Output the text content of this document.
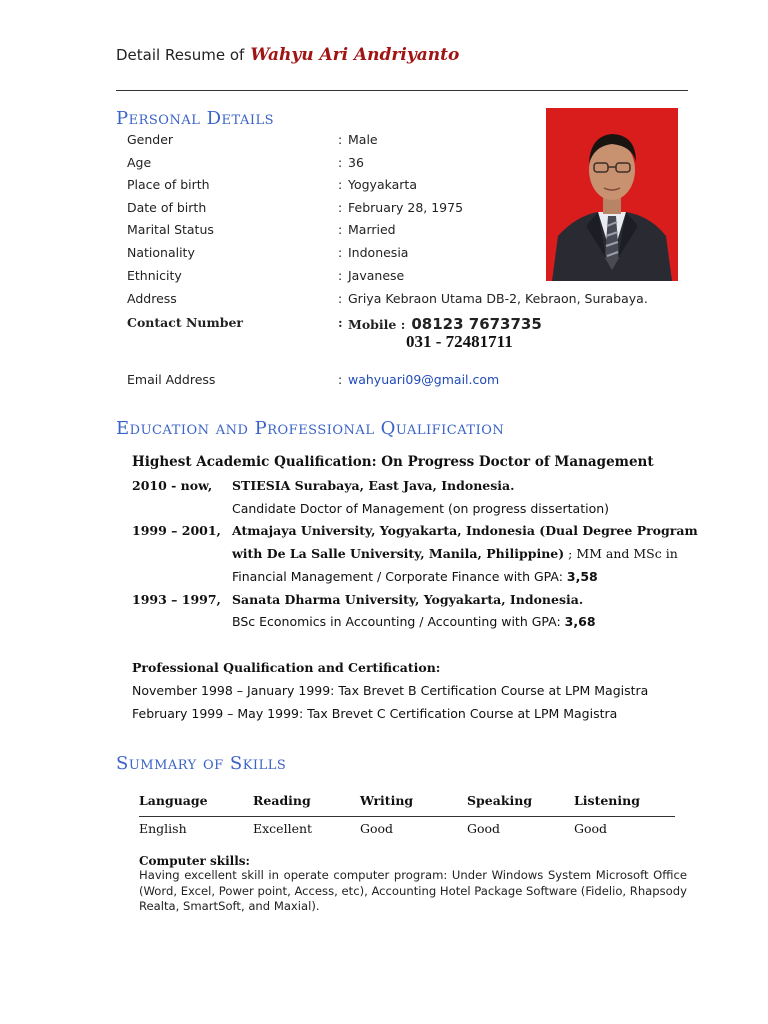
Detail Resume of Wahyu Ari Andriyanto
Personal Details
Gender	: Male
Age	: 36
Place of birth	: Yogyakarta
Date of birth	: February 28, 1975
Marital Status	: Married
Nationality	: Indonesia
Ethnicity	: Javanese
Address	: Griya Kebraon Utama DB-2, Kebraon, Surabaya.
Contact Number	: Mobile : 08123 7673735
031 - 72481711
Email Address	: wahyuari09@gmail.com
Education and Professional Qualification
Highest Academic Qualification: On Progress Doctor of Management
2010 - now, STIESIA Surabaya, East Java, Indonesia.
Candidate Doctor of Management (on progress dissertation)
1999 – 2001, Atmajaya University, Yogyakarta, Indonesia (Dual Degree Program
with De La Salle University, Manila, Philippine) ; MM and MSc in
Financial Management / Corporate Finance with GPA: 3,58
1993 – 1997, Sanata Dharma University, Yogyakarta, Indonesia.
BSc Economics in Accounting / Accounting with GPA: 3,68
Professional Qualification and Certification:
November 1998 – January 1999: Tax Brevet B Certification Course at LPM Magistra
February 1999 – May 1999: Tax Brevet C Certification Course at LPM Magistra
Summary of Skills
Language	Reading	Writing	Speaking	Listening
English	Excellent	Good	Good	Good
Computer skills:
Having excellent skill in operate computer program: Under Windows System Microsoft Office (Word, Excel, Power point, Access, etc), Accounting Hotel Package Software (Fidelio, Rhapsody Realta, SmartSoft, and Maxial).
